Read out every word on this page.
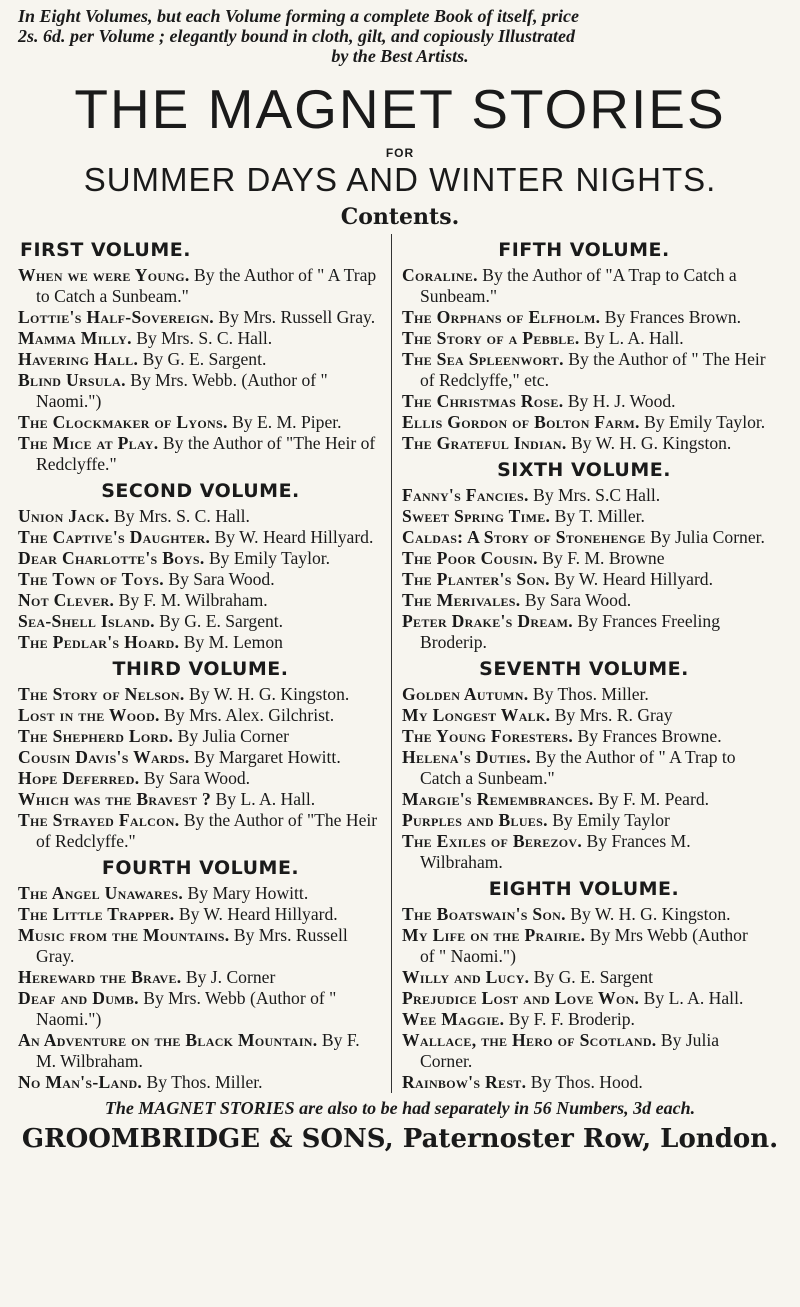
In Eight Volumes, but each Volume forming a complete Book of itself, price
2s. 6d. per Volume ; elegantly bound in cloth, gilt, and copiously Illustrated
by the Best Artists.

THE MAGNET STORIES
FOR
SUMMER DAYS AND WINTER NIGHTS.
Contents.
FIRST VOLUME.
When we were Young. By the Author of " A Trap to Catch a Sunbeam."
Lottie's Half-Sovereign. By Mrs. Russell Gray.
Mamma Milly. By Mrs. S. C. Hall.
Havering Hall. By G. E. Sargent.
Blind Ursula. By Mrs. Webb. (Author of " Naomi.")
The Clockmaker of Lyons. By E. M. Piper.
The Mice at Play. By the Author of "The Heir of Redclyffe."
SECOND VOLUME.
Union Jack. By Mrs. S. C. Hall.
The Captive's Daughter. By W. Heard Hillyard.
Dear Charlotte's Boys. By Emily Taylor.
The Town of Toys. By Sara Wood.
Not Clever. By F. M. Wilbraham.
Sea-Shell Island. By G. E. Sargent.
The Pedlar's Hoard. By M. Lemon
THIRD VOLUME.
The Story of Nelson. By W. H. G. Kingston.
Lost in the Wood. By Mrs. Alex. Gilchrist.
The Shepherd Lord. By Julia Corner
Cousin Davis's Wards. By Margaret Howitt.
Hope Deferred. By Sara Wood.
Which was the Bravest ? By L. A. Hall.
The Strayed Falcon. By the Author of "The Heir of Redclyffe."
FOURTH VOLUME.
The Angel Unawares. By Mary Howitt.
The Little Trapper. By W. Heard Hillyard.
Music from the Mountains. By Mrs. Russell Gray.
Hereward the Brave. By J. Corner
Deaf and Dumb. By Mrs. Webb (Author of " Naomi.")
An Adventure on the Black Mountain. By F. M. Wilbraham.
No Man's-Land. By Thos. Miller.
FIFTH VOLUME.
Coraline. By the Author of "A Trap to Catch a Sunbeam."
The Orphans of Elfholm. By Frances Brown.
The Story of a Pebble. By L. A. Hall.
The Sea Spleenwort. By the Author of " The Heir of Redclyffe," etc.
The Christmas Rose. By H. J. Wood.
Ellis Gordon of Bolton Farm. By Emily Taylor.
The Grateful Indian. By W. H. G. Kingston.
SIXTH VOLUME.
Fanny's Fancies. By Mrs. S.C Hall.
Sweet Spring Time. By T. Miller.
Caldas: A Story of Stonehenge By Julia Corner.
The Poor Cousin. By F. M. Browne
The Planter's Son. By W. Heard Hillyard.
The Merivales. By Sara Wood.
Peter Drake's Dream. By Frances Freeling Broderip.
SEVENTH VOLUME.
Golden Autumn. By Thos. Miller.
My Longest Walk. By Mrs. R. Gray
The Young Foresters. By Frances Browne.
Helena's Duties. By the Author of " A Trap to Catch a Sunbeam."
Margie's Remembrances. By F. M. Peard.
Purples and Blues. By Emily Taylor
The Exiles of Berezov. By Frances M. Wilbraham.
EIGHTH VOLUME.
The Boatswain's Son. By W. H. G. Kingston.
My Life on the Prairie. By Mrs Webb (Author of " Naomi.")
Willy and Lucy. By G. E. Sargent
Prejudice Lost and Love Won. By L. A. Hall.
Wee Maggie. By F. F. Broderip.
Wallace, the Hero of Scotland. By Julia Corner.
Rainbow's Rest. By Thos. Hood.
The MAGNET STORIES are also to be had separately in 56 Numbers, 3d each.
GROOMBRIDGE & SONS, Paternoster Row, London.
